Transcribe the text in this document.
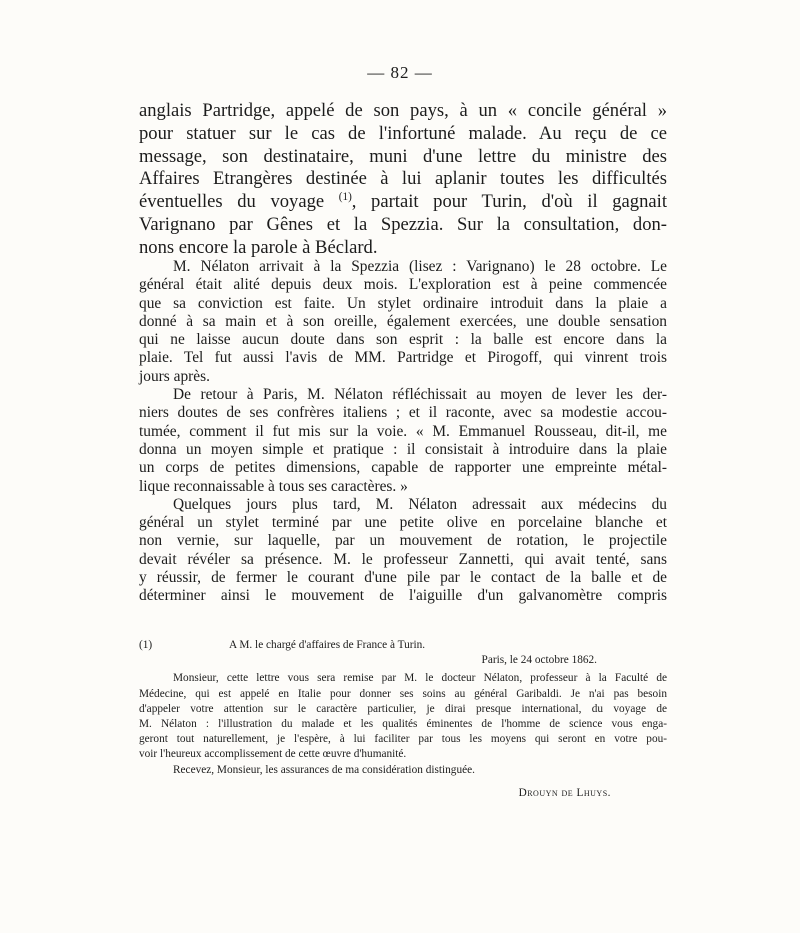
— 82 —
anglais Partridge, appelé de son pays, à un « concile général »
pour statuer sur le cas de l'infortuné malade. Au reçu de ce
message, son destinataire, muni d'une lettre du ministre des
Affaires Etrangères destinée à lui aplanir toutes les difficultés
éventuelles du voyage $^{(1)}$, partait pour Turin, d'où il gagnait
Varignano par Gênes et la Spezzia. Sur la consultation, don-
nons encore la parole à Béclard.

M. Nélaton arrivait à la Spezzia (lisez : Varignano) le 28 octobre. Le
général était alité depuis deux mois. L'exploration est à peine commencée
que sa conviction est faite. Un stylet ordinaire introduit dans la plaie a
donné à sa main et à son oreille, également exercées, une double sensation
qui ne laisse aucun doute dans son esprit : la balle est encore dans la
plaie. Tel fut aussi l'avis de MM. Partridge et Pirogoff, qui vinrent trois
jours après.

De retour à Paris, M. Nélaton réfléchissait au moyen de lever les der-
niers doutes de ses confrères italiens ; et il raconte, avec sa modestie accou-
tumée, comment il fut mis sur la voie. « M. Emmanuel Rousseau, dit-il, me
donna un moyen simple et pratique : il consistait à introduire dans la plaie
un corps de petites dimensions, capable de rapporter une empreinte métal-
lique reconnaissable à tous ses caractères. »

Quelques jours plus tard, M. Nélaton adressait aux médecins du
général un stylet terminé par une petite olive en porcelaine blanche et
non vernie, sur laquelle, par un mouvement de rotation, le projectile
devait révéler sa présence. M. le professeur Zannetti, qui avait tenté, sans
y réussir, de fermer le courant d'une pile par le contact de la balle et de
déterminer ainsi le mouvement de l'aiguille d'un galvanomètre compris

(1)	A M. le chargé d'affaires de France à Turin.
Paris, le 24 octobre 1862.
Monsieur, cette lettre vous sera remise par M. le docteur Nélaton, professeur à la Faculté de
Médecine, qui est appelé en Italie pour donner ses soins au général Garibaldi. Je n'ai pas besoin
d'appeler votre attention sur le caractère particulier, je dirai presque international, du voyage de
M. Nélaton : l'illustration du malade et les qualités éminentes de l'homme de science vous enga-
geront tout naturellement, je l'espère, à lui faciliter par tous les moyens qui seront en votre pou-
voir l'heureux accomplissement de cette œuvre d'humanité.
Recevez, Monsieur, les assurances de ma considération distinguée.
Drouyn de Lhuys.
